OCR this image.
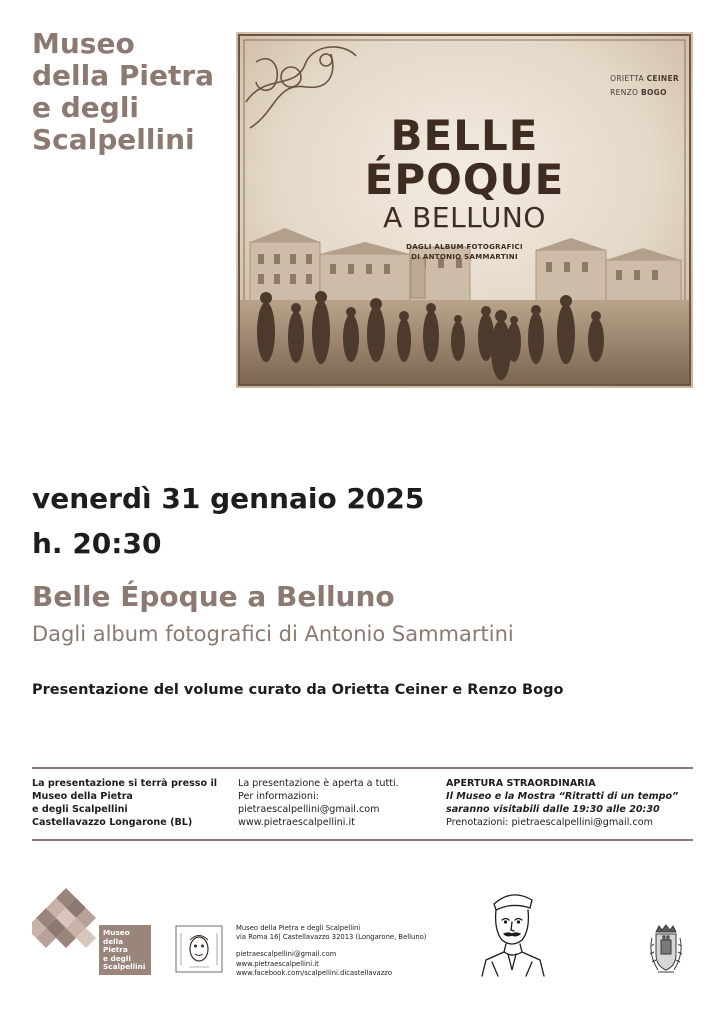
Museo
della Pietra
e degli
Scalpellini
ORIETTA CEINER
RENZO BOGO
BELLE
ÉPOQUE
A BELLUNO
DAGLI ALBUM FOTOGRAFICI
DI ANTONIO SAMMARTINI
venerdì 31 gennaio 2025
h. 20:30
Belle Époque a Belluno
Dagli album fotografici di Antonio Sammartini
Presentazione del volume curato da Orietta Ceiner e Renzo Bogo
La presentazione si terrà presso il
Museo della Pietra
e degli Scalpellini
Castellavazzo Longarone (BL)
La presentazione è aperta a tutti.
Per informazioni:
pietraescalpellini@gmail.com
www.pietraescalpellini.it
APERTURA STRAORDINARIA
Il Museo e la Mostra “Ritratti di un tempo”
saranno visitabili dalle 19:30 alle 20:30
Prenotazioni: pietraescalpellini@gmail.com
Museo
della
Pietra
e degli
Scalpellini
Museo della Pietra e degli Scalpellini
via Roma 16| Castellavazzo 32013 (Longarone, Belluno)
pietraescalpellini@gmail.com
www.pietraescalpellini.it
www.facebook.com/scalpellini.dicastellavazzo
